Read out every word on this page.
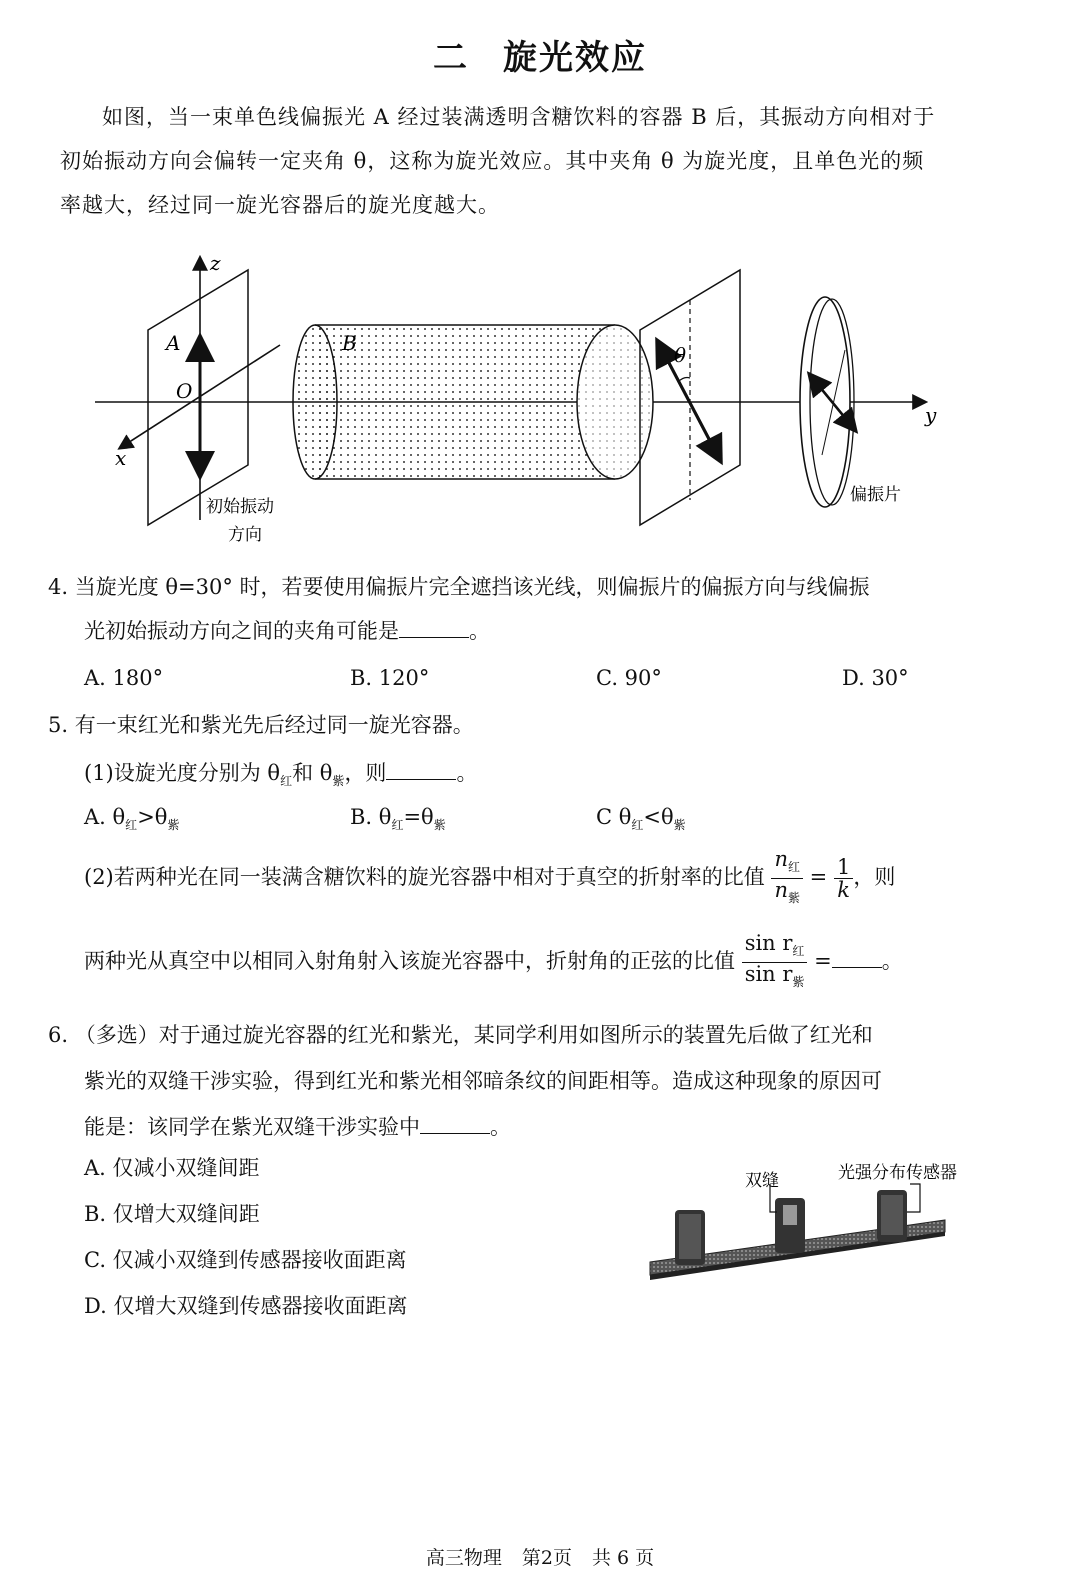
二 旋光效应
如图，当一束单色线偏振光 A 经过装满透明含糖饮料的容器 B 后，其振动方向相对于
初始振动方向会偏转一定夹角 θ，这称为旋光效应。其中夹角 θ 为旋光度，且单色光的频
率越大，经过同一旋光容器后的旋光度越大。
z
x
y
O
A	B	θ
初始振动
方向
偏振片
4. 当旋光度 θ=30° 时，若要使用偏振片完全遮挡该光线，则偏振片的偏振方向与线偏振
光初始振动方向之间的夹角可能是	。
A. 180°	B. 120°	C. 90°	D. 30°
5. 有一束红光和紫光先后经过同一旋光容器。
(1)设旋光度分别为 $\theta_红$和 $\theta_紫$，则	。
A. $\theta_红>\theta_紫$	B. $\theta_红=\theta_紫$	C $\theta_红<\theta_紫$
(2)若两种光在同一装满含糖饮料的旋光容器中相对于真空的折射率的比值 $\frac{n_红}{n_紫} = \frac{1}{k}$ ，则
两种光从真空中以相同入射角射入该旋光容器中，折射角的正弦的比值 $\frac{\sin r_红}{\sin r_紫}$ = 。
6. （多选）对于通过旋光容器的红光和紫光，某同学利用如图所示的装置先后做了红光和
紫光的双缝干涉实验，得到红光和紫光相邻暗条纹的间距相等。造成这种现象的原因可
能是：该同学在紫光双缝干涉实验中	。
A. 仅减小双缝间距
B. 仅增大双缝间距
C. 仅减小双缝到传感器接收面距离
D. 仅增大双缝到传感器接收面距离
双缝	光强分布传感器
高三物理 第2页 共 6 页
